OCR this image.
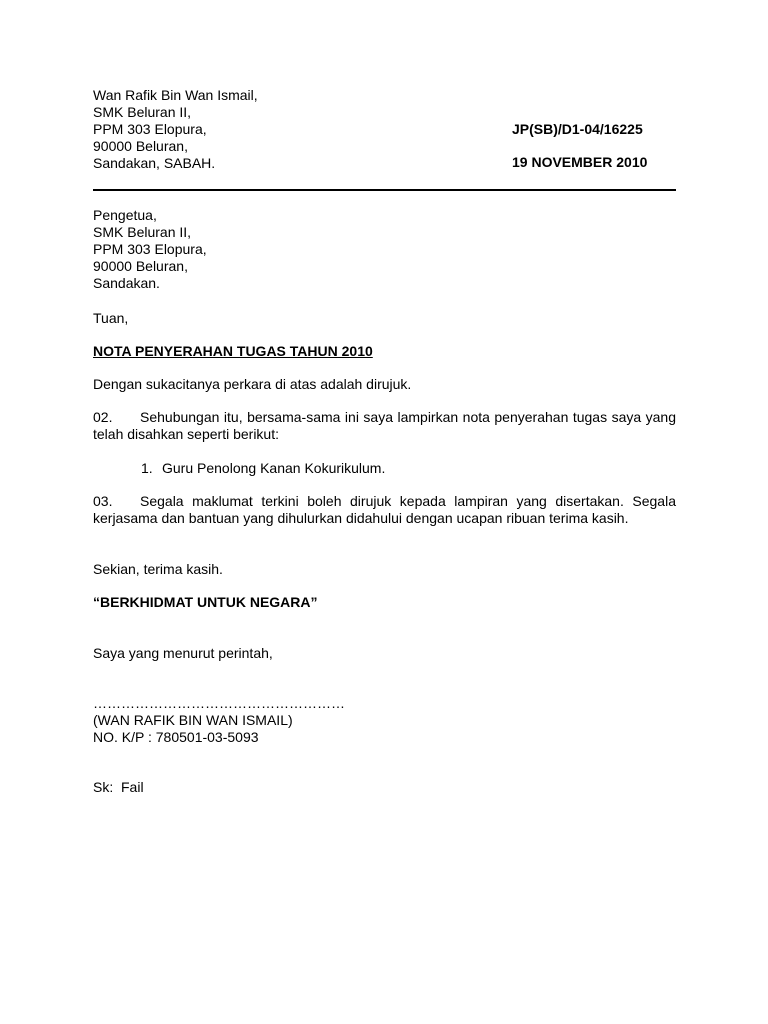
Wan Rafik Bin Wan Ismail,
SMK Beluran II,
PPM 303 Elopura,
90000 Beluran,
Sandakan, SABAH.
JP(SB)/D1-04/16225
19 NOVEMBER 2010
Pengetua,
SMK Beluran II,
PPM 303 Elopura,
90000 Beluran,
Sandakan.
Tuan,
NOTA PENYERAHAN TUGAS TAHUN 2010
Dengan sukacitanya perkara di atas adalah dirujuk.
02. Sehubungan itu, bersama-sama ini saya lampirkan nota penyerahan tugas saya yang telah disahkan seperti berikut:
1. Guru Penolong Kanan Kokurikulum.
03. Segala maklumat terkini boleh dirujuk kepada lampiran yang disertakan. Segala kerjasama dan bantuan yang dihulurkan didahului dengan ucapan ribuan terima kasih.
Sekian, terima kasih.
“BERKHIDMAT UNTUK NEGARA”
Saya yang menurut perintah,
………………………………………………
(WAN RAFIK BIN WAN ISMAIL)
NO. K/P : 780501-03-5093
Sk:  Fail
